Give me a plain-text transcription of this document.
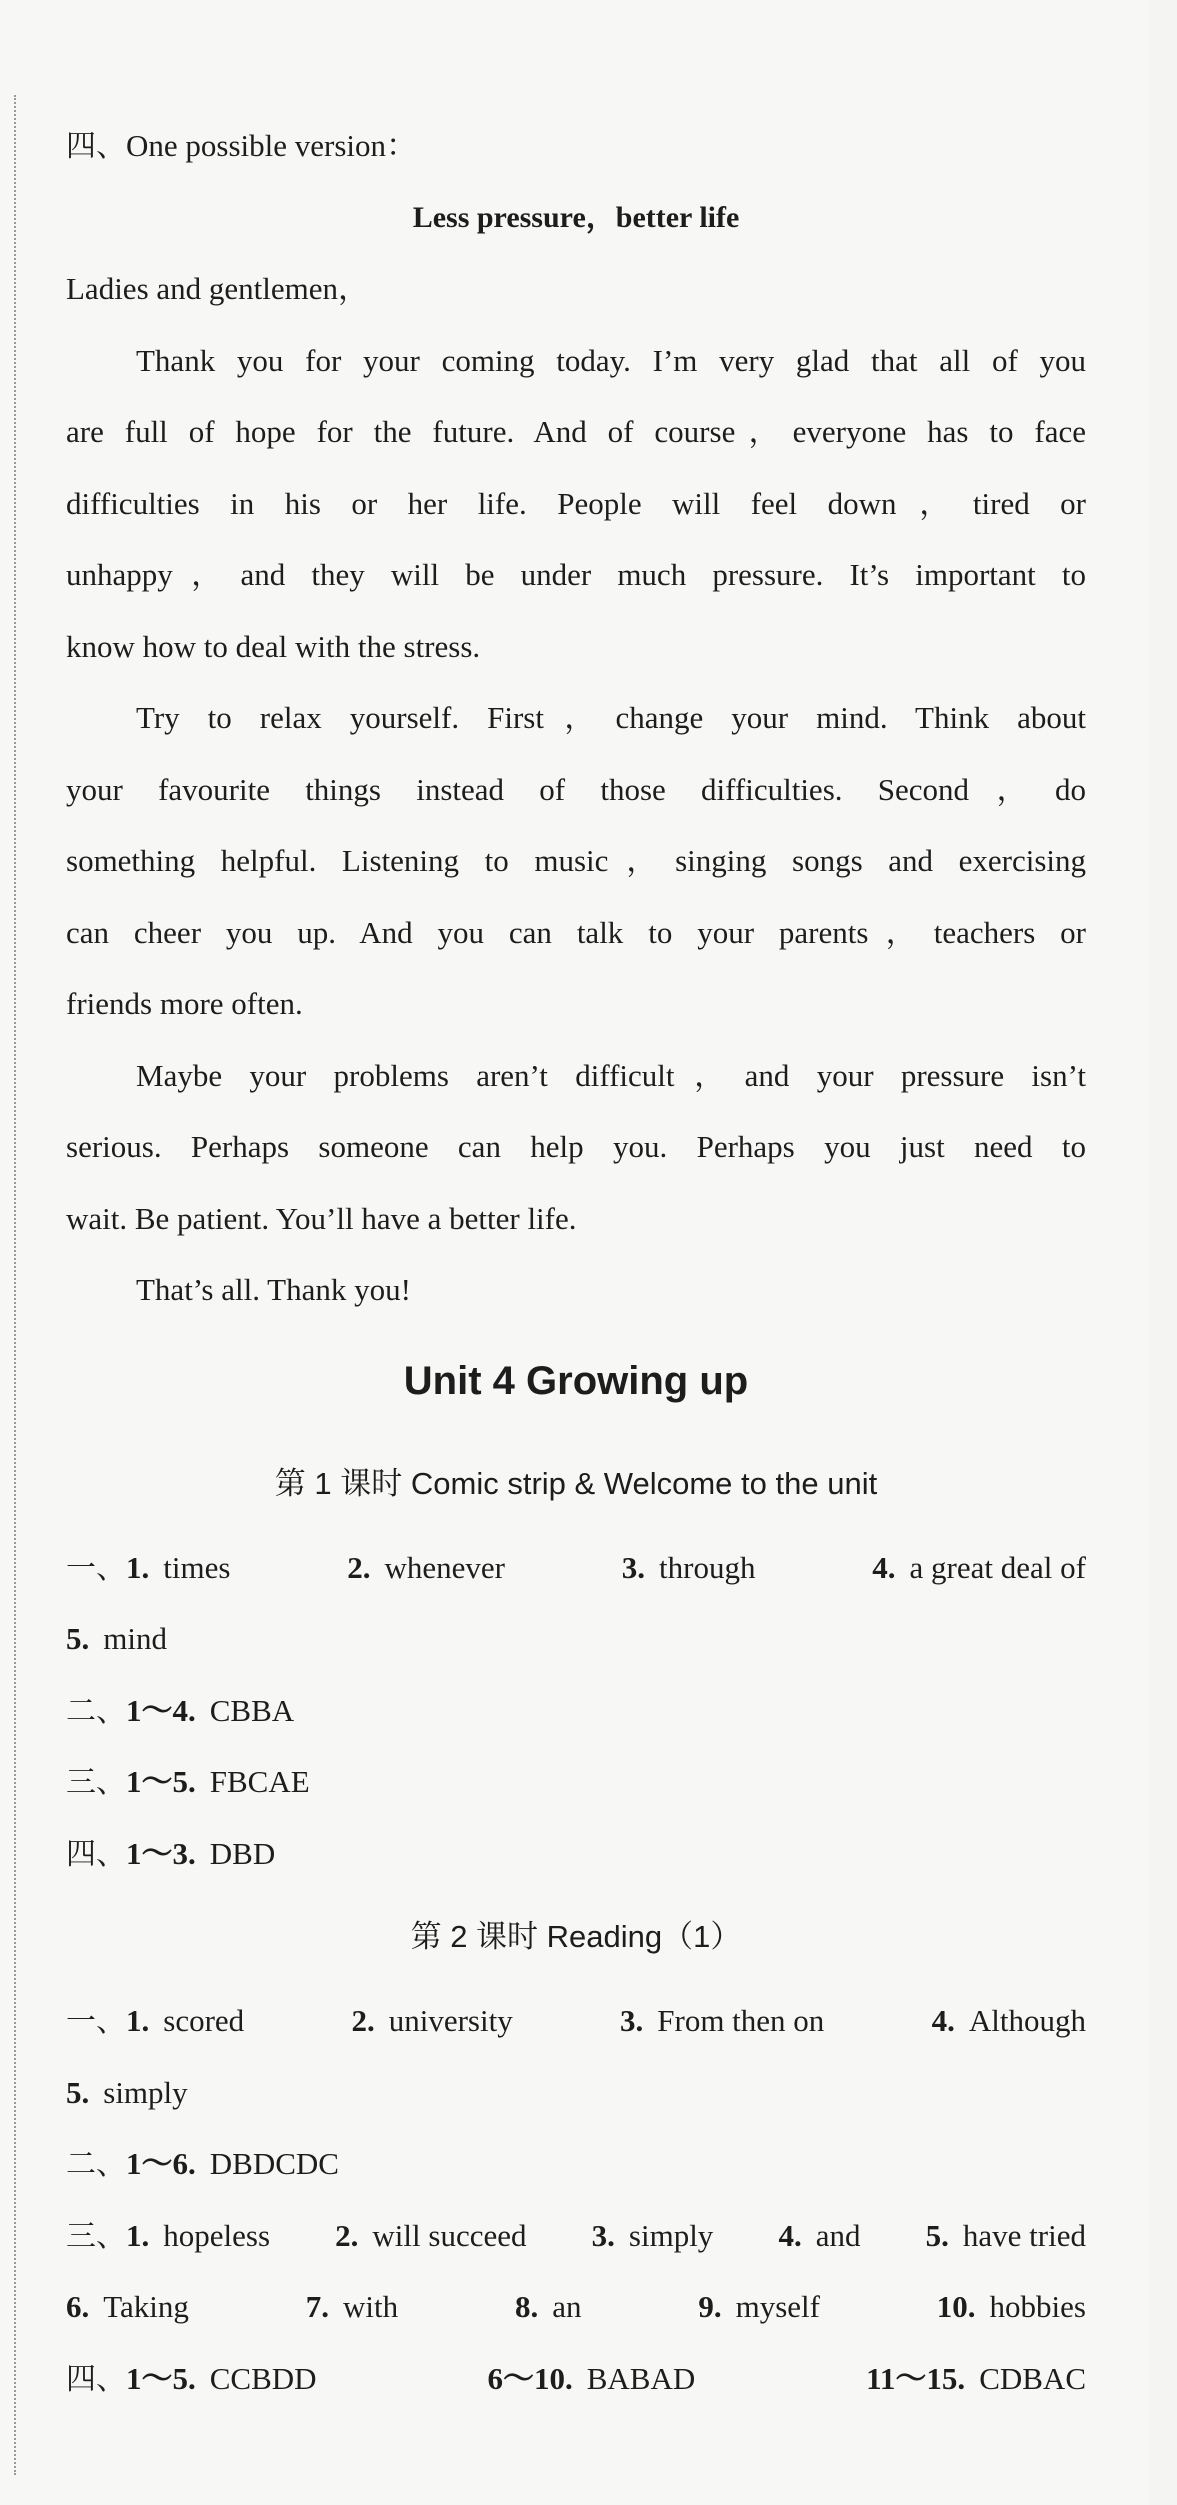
四、One possible version：
Less pressure，better life
Ladies and gentlemen，
Thank you for your coming today. I’m very glad that all of you
are full of hope for the future. And of course，everyone has to face
difficulties in his or her life. People will feel down，tired or
unhappy，and they will be under much pressure. It’s important to
know how to deal with the stress.
Try to relax yourself. First，change your mind. Think about
your favourite things instead of those difficulties. Second，do
something helpful. Listening to music，singing songs and exercising
can cheer you up. And you can talk to your parents，teachers or
friends more often.
Maybe your problems aren’t difficult，and your pressure isn’t
serious. Perhaps someone can help you. Perhaps you just need to
wait. Be patient. You’ll have a better life.
That’s all. Thank you!
Unit 4 Growing up
第 1 课时 Comic strip & Welcome to the unit
一、1. times	2. whenever	3. through	4. a great deal of
5. mind
二、1～4. CBBA
三、1～5. FBCAE
四、1～3. DBD
第 2 课时 Reading（1）
一、1. scored	2. university	3. From then on	4. Although
5. simply
二、1～6. DBDCDC
三、1. hopeless 2. will succeed 3. simply 4. and 5. have tried
6. Taking	7. with	8. an	9. myself	10. hobbies
四、1～5. CCBDD	6～10. BABAD	11～15. CDBAC
